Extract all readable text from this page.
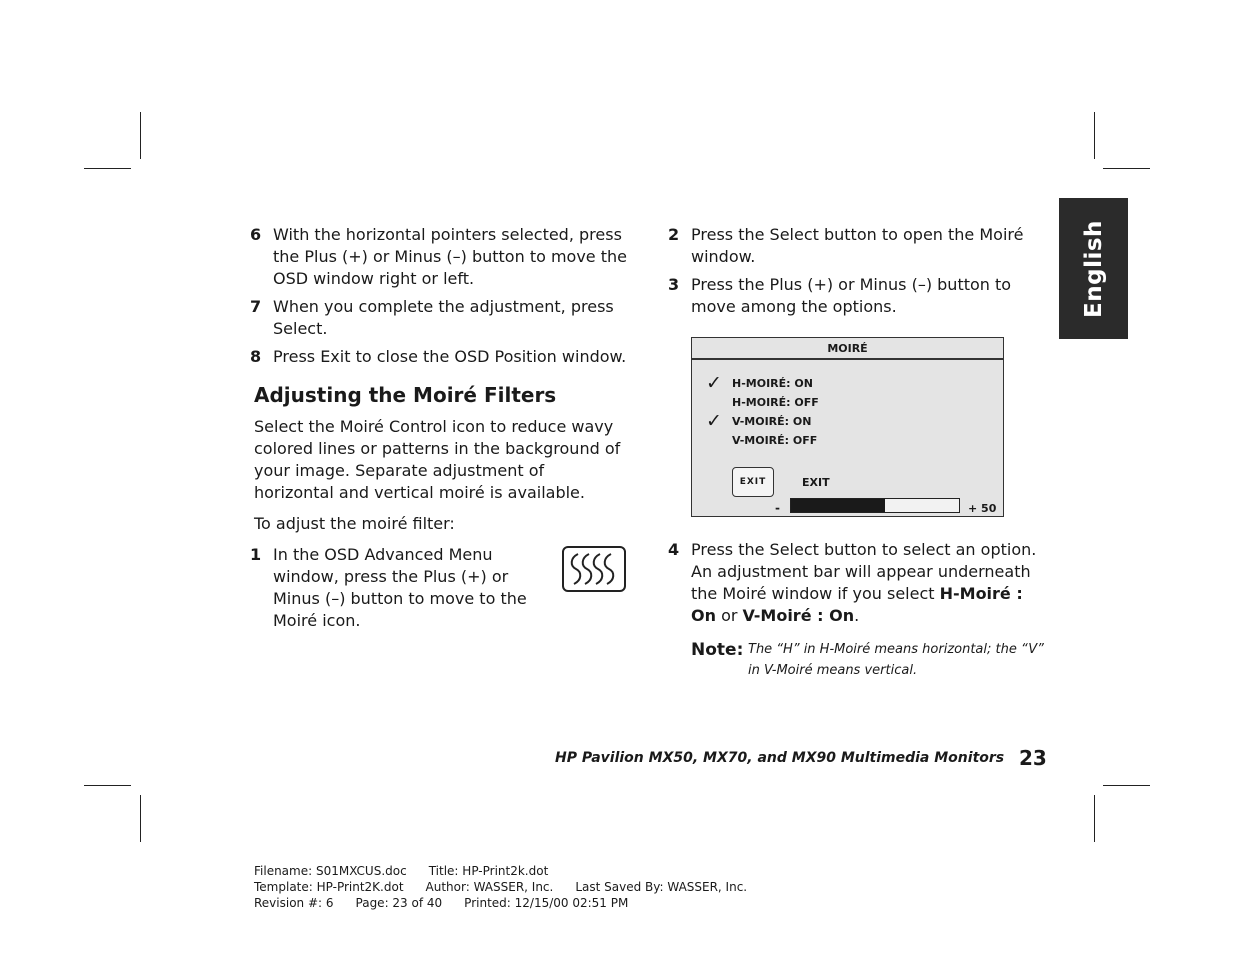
English
6 With the horizontal pointers selected, press the Plus (+) or Minus (–) button to move the OSD window right or left.
7 When you complete the adjustment, press Select.
8 Press Exit to close the OSD Position window.
Adjusting the Moiré Filters

Select the Moiré Control icon to reduce wavy colored lines or patterns in the background of your image. Separate adjustment of horizontal and vertical moiré is available.

To adjust the moiré filter:

1 In the OSD Advanced Menu window, press the Plus (+) or Minus (–) button to move to the Moiré icon.
2 Press the Select button to open the Moiré window.
3 Press the Plus (+) or Minus (–) button to move among the options.
MOIRÉ
✓ H-MOIRÉ: ON
H-MOIRÉ: OFF
✓ V-MOIRÉ: ON
V-MOIRÉ: OFF
EXIT	EXIT
-	+ 50
4 Press the Select button to select an option. An adjustment bar will appear underneath the Moiré window if you select H-Moiré : On or V-Moiré : On.
Note: The “H” in H-Moiré means horizontal; the “V” in V-Moiré means vertical.
HP Pavilion MX50, MX70, and MX90 Multimedia Monitors 23
Filename: S01MXCUS.doc Title: HP-Print2k.dot
Template: HP-Print2K.dot Author: WASSER, Inc. Last Saved By: WASSER, Inc.
Revision #: 6 Page: 23 of 40 Printed: 12/15/00 02:51 PM
